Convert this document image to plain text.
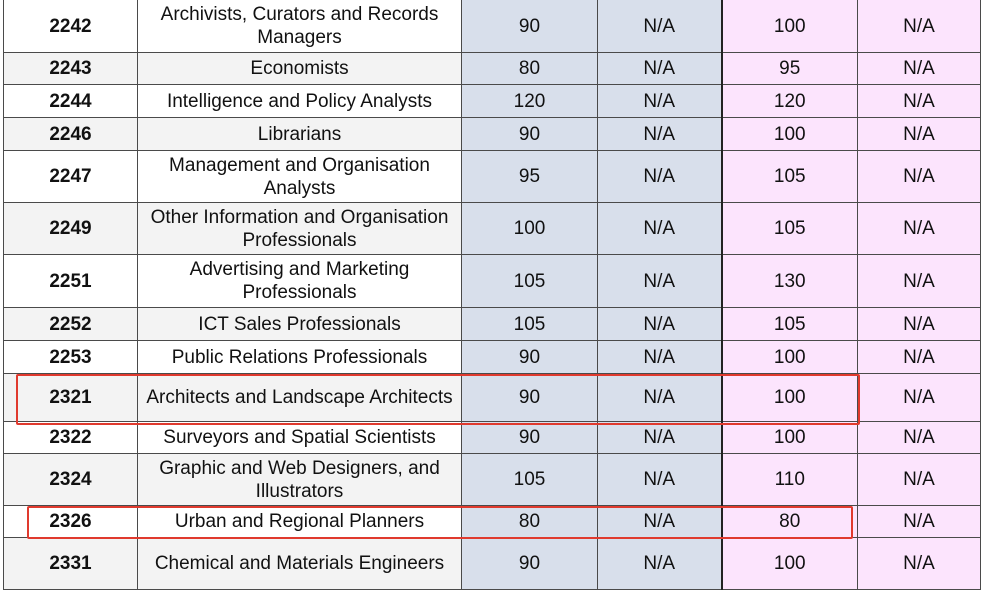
2242	Archivists, Curators and Records Managers	90	N/A	100	N/A
2243	Economists	80	N/A	95	N/A
2244	Intelligence and Policy Analysts	120	N/A	120	N/A
2246	Librarians	90	N/A	100	N/A
2247	Management and Organisation Analysts	95	N/A	105	N/A
2249	Other Information and Organisation Professionals	100	N/A	105	N/A
2251	Advertising and Marketing Professionals	105	N/A	130	N/A
2252	ICT Sales Professionals	105	N/A	105	N/A
2253	Public Relations Professionals	90	N/A	100	N/A
2321	Architects and Landscape Architects	90	N/A	100	N/A
2322	Surveyors and Spatial Scientists	90	N/A	100	N/A
2324	Graphic and Web Designers, and Illustrators	105	N/A	110	N/A
2326	Urban and Regional Planners	80	N/A	80	N/A
2331	Chemical and Materials Engineers	90	N/A	100	N/A
